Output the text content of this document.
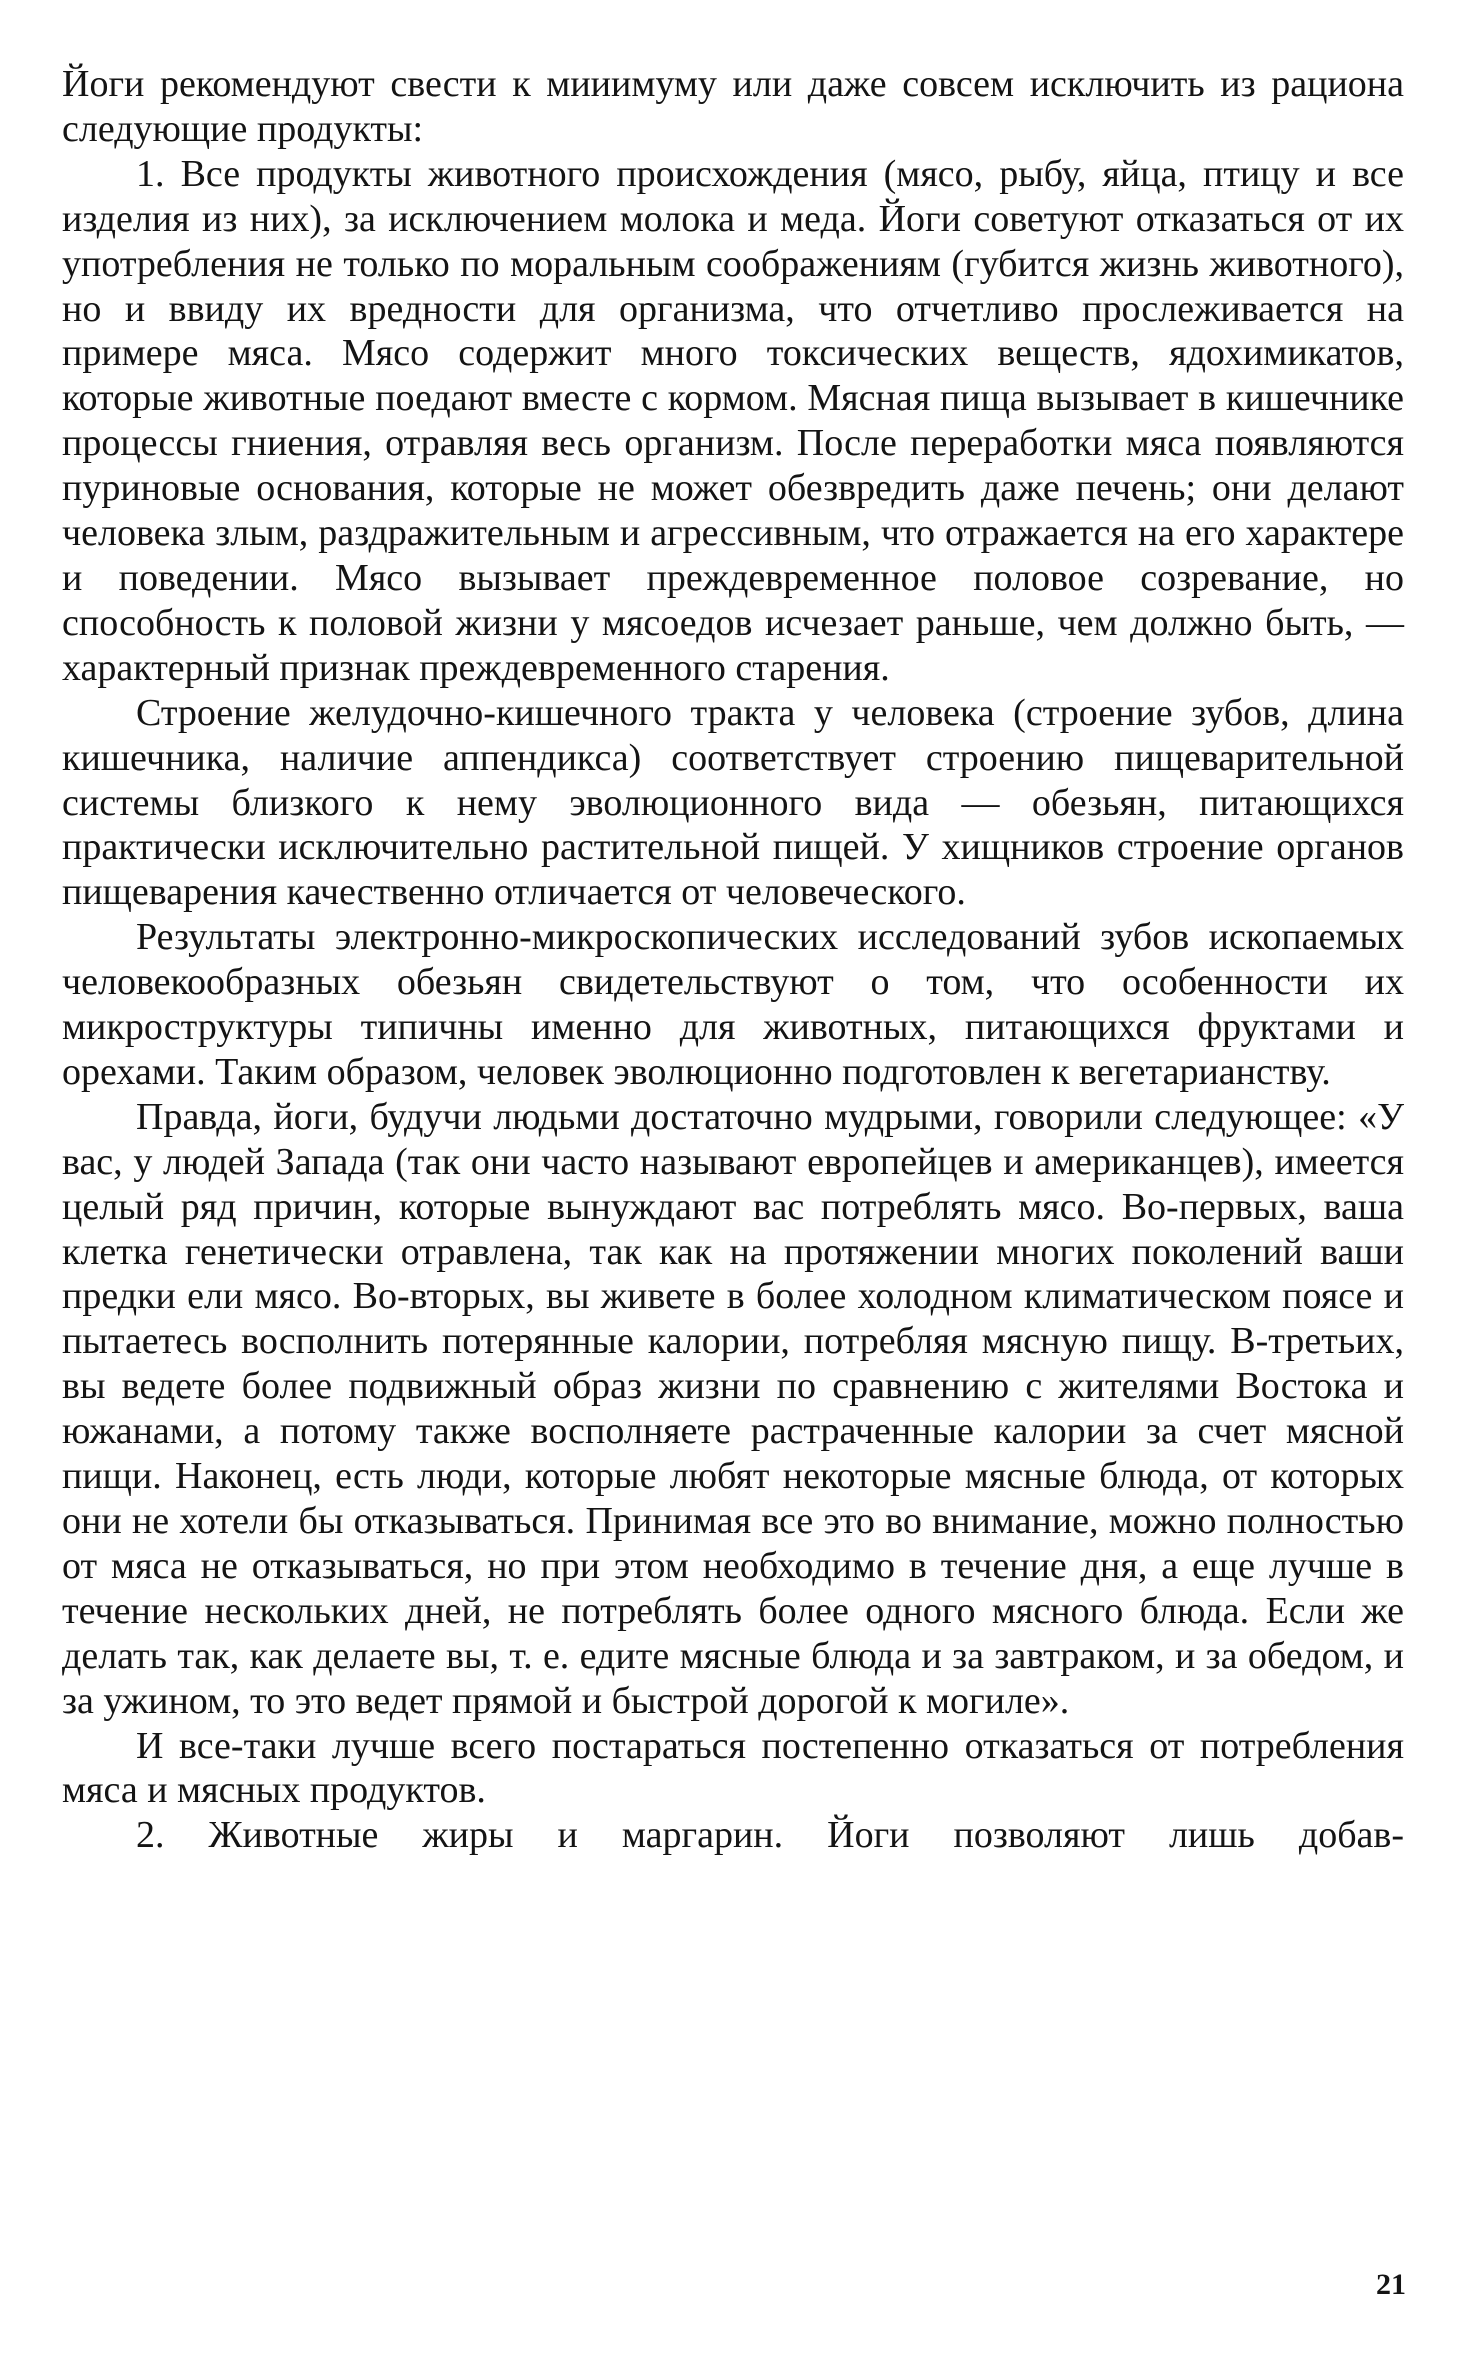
Йоги рекомендуют свести к мииимуму или даже совсем исключить из рациона следующие продукты:

1. Все продукты животного происхождения (мясо, рыбу, яйца, птицу и все изделия из них), за исключением молока и меда. Йоги советуют отказаться от их употребления не только по моральным соображениям (губится жизнь животного), но и ввиду их вредности для организма, что отчетливо прослеживается на примере мяса. Мясо содержит много токсических веществ, ядохимикатов, которые животные поедают вместе с кормом. Мясная пища вызывает в кишечнике процессы гниения, отравляя весь организм. После переработки мяса появляются пуриновые основания, которые не может обезвредить даже печень; они делают человека злым, раздражительным и агрессивным, что отражается на его характере и поведении. Мясо вызывает преждевременное половое созревание, но способность к половой жизни у мясоедов исчезает раньше, чем должно быть, — характерный признак преждевременного старения.

Строение желудочно-кишечного тракта у человека (строение зубов, длина кишечника, наличие аппендикса) соответствует строению пищеварительной системы близкого к нему эволюционного вида — обезьян, питающихся практически исключительно растительной пищей. У хищников строение органов пищеварения качественно отличается от человеческого.

Результаты электронно-микроскопических исследований зубов ископаемых человекообразных обезьян свидетельствуют о том, что особенности их микроструктуры типичны именно для животных, питающихся фруктами и орехами. Таким образом, человек эволюционно подготовлен к вегетарианству.

Правда, йоги, будучи людьми достаточно мудрыми, говорили следующее: «У вас, у людей Запада (так они часто называют европейцев и американцев), имеется целый ряд причин, которые вынуждают вас потреблять мясо. Во-первых, ваша клетка генетически отравлена, так как на протяжении многих поколений ваши предки ели мясо. Во-вторых, вы живете в более холодном климатическом поясе и пытаетесь восполнить потерянные калории, потребляя мясную пищу. В-третьих, вы ведете более подвижный образ жизни по сравнению с жителями Востока и южанами, а потому также восполняете растраченные калории за счет мясной пищи. Наконец, есть люди, которые любят некоторые мясные блюда, от которых они не хотели бы отказываться. Принимая все это во внимание, можно полностью от мяса не отказываться, но при этом необходимо в течение дня, а еще лучше в течение нескольких дней, не потреблять более одного мясного блюда. Если же делать так, как делаете вы, т. е. едите мясные блюда и за завтраком, и за обедом, и за ужином, то это ведет прямой и быстрой дорогой к могиле».

И все-таки лучше всего постараться постепенно отказаться от потребления мяса и мясных продуктов.

2. Животные жиры и маргарин. Йоги позволяют лишь добав-

21
